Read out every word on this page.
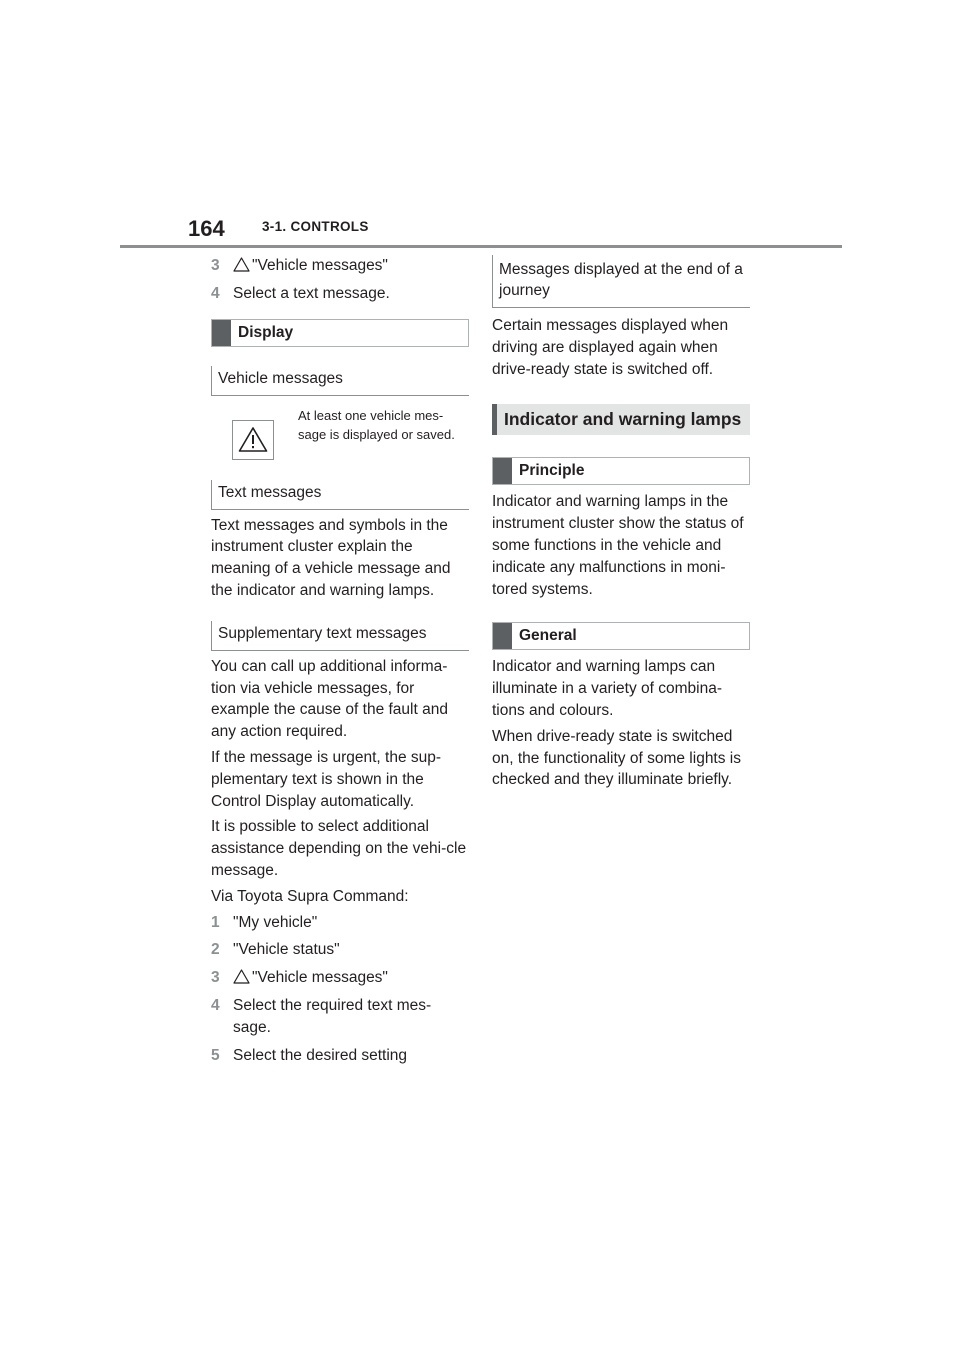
164	3-1. CONTROLS
3	"Vehicle messages"
4 Select a text message.
Display
Vehicle messages
At least one vehicle mes-sage is displayed or saved.
Text messages

Text messages and symbols in the instrument cluster explain the meaning of a vehicle message and the indicator and warning lamps.

Supplementary text messages

You can call up additional informa-tion via vehicle messages, for example the cause of the fault and any action required.

If the message is urgent, the sup-plementary text is shown in the Control Display automatically.

It is possible to select additional assistance depending on the vehi-cle message.

Via Toyota Supra Command:

1 "My vehicle"
2 "Vehicle status"
3	"Vehicle messages"
4 Select the required text mes-sage.
5 Select the desired setting
Messages displayed at the end of a journey

Certain messages displayed when driving are displayed again when drive-ready state is switched off.

Indicator and warning lamps
Principle

Indicator and warning lamps in the instrument cluster show the status of some functions in the vehicle and indicate any malfunctions in moni-tored systems.

General

Indicator and warning lamps can illuminate in a variety of combina-tions and colours.

When drive-ready state is switched on, the functionality of some lights is checked and they illuminate briefly.
